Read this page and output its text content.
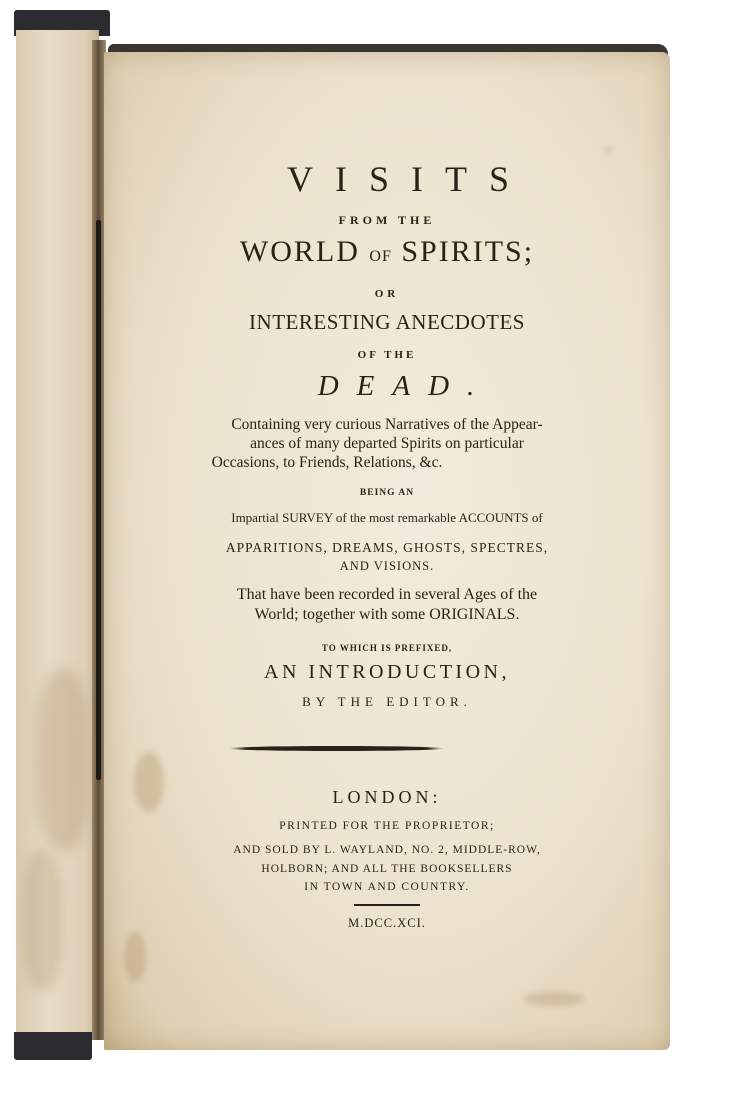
VISITS
FROM THE
WORLD OF SPIRITS;
OR
INTERESTING ANECDOTES
OF THE
DEAD.
Containing very curious Narratives of the Appear-
ances of many departed Spirits on particular
Occasions, to Friends, Relations, &c.
BEING AN
Impartial SURVEY of the most remarkable ACCOUNTS of
APPARITIONS, DREAMS, GHOSTS, SPECTRES,
AND VISIONS.
That have been recorded in several Ages of the
World; together with some ORIGINALS.
TO WHICH IS PREFIXED,
AN INTRODUCTION,
BY THE EDITOR.
LONDON:
PRINTED FOR THE PROPRIETOR;
AND SOLD BY L. WAYLAND, NO. 2, MIDDLE-ROW,
HOLBORN; AND ALL THE BOOKSELLERS
IN TOWN AND COUNTRY.
M.DCC.XCI.
